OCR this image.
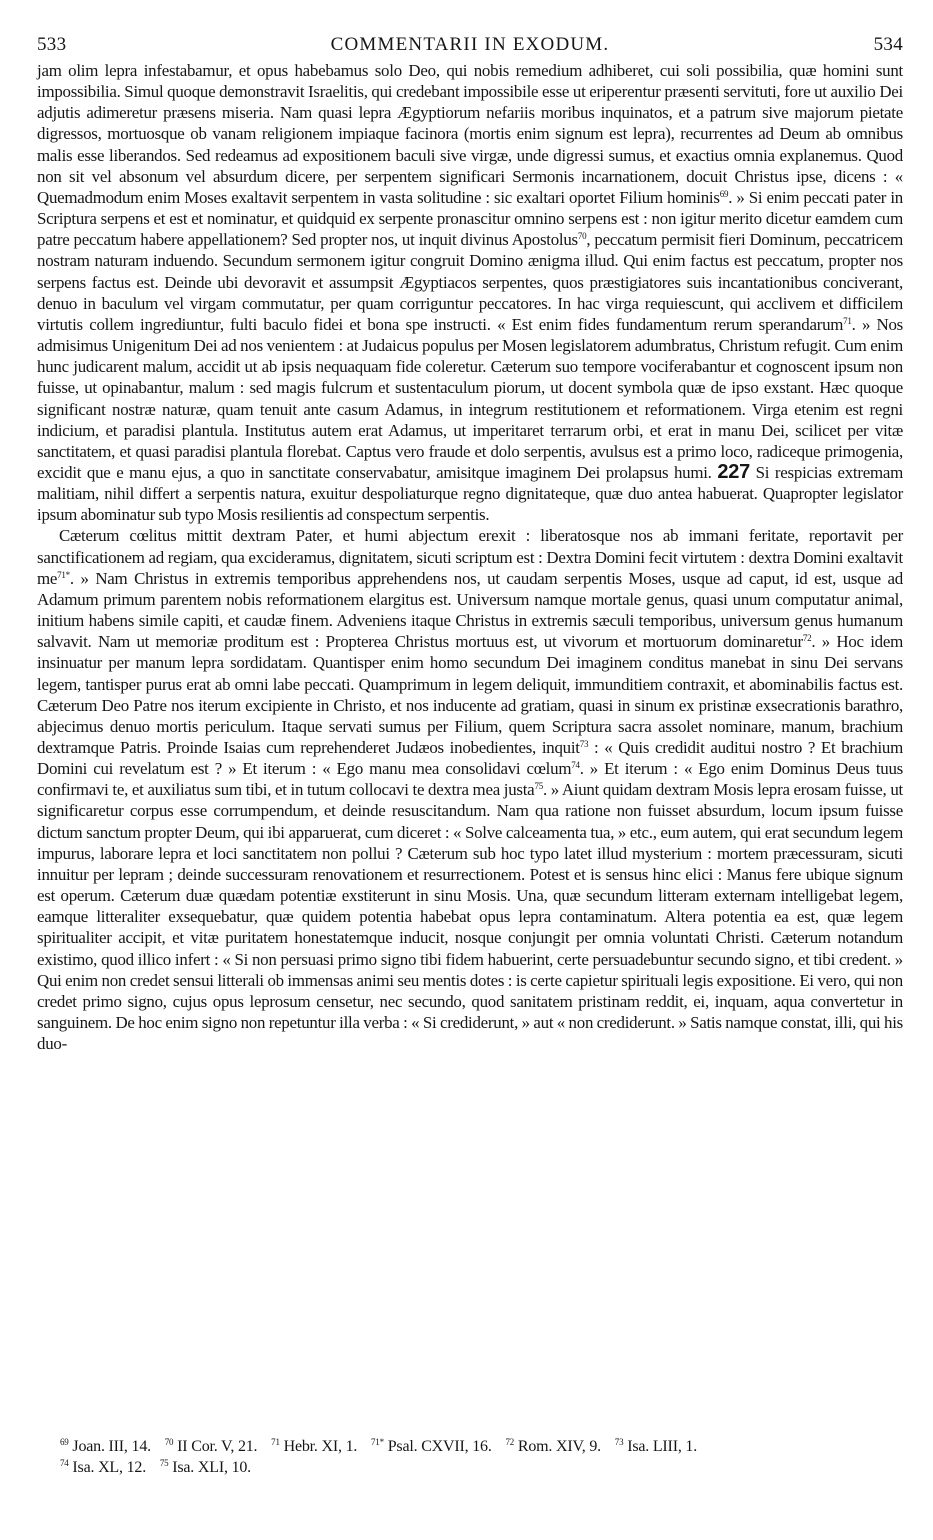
533	COMMENTARII IN EXODUM.	534

jam olim lepra infestabamur, et opus habebamus solo Deo, qui nobis remedium adhiberet, cui soli possibilia, quæ homini sunt impossibilia. Simul quoque demonstravit Israelitis, qui credebant impossibile esse ut eriperentur præsenti servituti, fore ut auxilio Dei adjutis adimeretur præsens miseria. Nam quasi lepra Ægyptiorum nefariis moribus inquinatos, et a patrum sive majorum pietate digressos, mortuosque ob vanam religionem impiaque facinora (mortis enim signum est lepra), recurrentes ad Deum ab omnibus malis esse liberandos. Sed redeamus ad expositionem baculi sive virgæ, unde digressi sumus, et exactius omnia explanemus. Quod non sit vel absonum vel absurdum dicere, per serpentem significari Sermonis incarnationem, docuit Christus ipse, dicens : « Quemadmodum enim Moses exaltavit serpentem in vasta solitudine : sic exaltari oportet Filium hominis$^{69}$. » Si enim peccati pater in Scriptura serpens et est et nominatur, et quidquid ex serpente pronascitur omnino serpens est : non igitur merito dicetur eamdem cum patre peccatum habere appellationem? Sed propter nos, ut inquit divinus Apostolus$^{70}$, peccatum permisit fieri Dominum, peccatricem nostram naturam induendo. Secundum sermonem igitur congruit Domino ænigma illud. Qui enim factus est peccatum, propter nos serpens factus est. Deinde ubi devoravit et assumpsit Ægyptiacos serpentes, quos præstigiatores suis incantationibus conciverant, denuo in baculum vel virgam commutatur, per quam corriguntur peccatores. In hac virga requiescunt, qui acclivem et difficilem virtutis collem ingrediuntur, fulti baculo fidei et bona spe instructi. « Est enim fides fundamentum rerum sperandarum$^{71}$. » Nos admisimus Unigenitum Dei ad nos venientem : at Judaicus populus per Mosen legislatorem adumbratus, Christum refugit. Cum enim hunc judicarent malum, accidit ut ab ipsis nequaquam fide coleretur. Cæterum suo tempore vociferabantur et cognoscent ipsum non fuisse, ut opinabantur, malum : sed magis fulcrum et sustentaculum piorum, ut docent symbola quæ de ipso exstant. Hæc quoque significant nostræ naturæ, quam tenuit ante casum Adamus, in integrum restitutionem et reformationem. Virga etenim est regni indicium, et paradisi plantula. Institutus autem erat Adamus, ut imperitaret terrarum orbi, et erat in manu Dei, scilicet per vitæ sanctitatem, et quasi paradisi plantula florebat. Captus vero fraude et dolo serpentis, avulsus est a primo loco, radiceque primogenia, excidit que e manu ejus, a quo in sanctitate conservabatur, amisitque imaginem Dei prolapsus humi. 227 Si respicias extremam malitiam, nihil differt a serpentis natura, exuitur despoliaturque regno dignitateque, quæ duo antea habuerat. Quapropter legislator ipsum abominatur sub typo Mosis resilientis ad conspectum serpentis.

Cæterum cœlitus mittit dextram Pater, et humi abjectum erexit : liberatosque nos ab immani feritate, reportavit per sanctificationem ad regiam, qua excideramus, dignitatem, sicuti scriptum est : Dextra Domini fecit virtutem : dextra Domini exaltavit $me^{71*}$. » Nam Christus in extremis temporibus apprehendens nos, ut caudam serpentis Moses, usque ad caput, id est, usque ad Adamum primum parentem nobis reformationem elargitus est. Universum namque mortale genus, quasi unum computatur animal, initium habens simile capiti, et caudæ finem. Adveniens itaque Christus in extremis sæculi temporibus, universum genus humanum salvavit. Nam ut memoriæ proditum est : Propterea Christus mortuus est, ut vivorum et mortuorum dominaretur$^{72}$. » Hoc idem insinuatur per manum lepra sordidatam. Quantisper enim homo secundum Dei imaginem conditus manebat in sinu Dei servans legem, tantisper purus erat ab omni labe peccati. Quamprimum in legem deliquit, immunditiem contraxit, et abominabilis factus est. Cæterum Deo Patre nos iterum excipiente in Christo, et nos inducente ad gratiam, quasi in sinum ex pristinæ exsecrationis barathro, abjecimus denuo mortis periculum. Itaque servati sumus per Filium, quem Scriptura sacra assolet nominare, manum, brachium dextramque Patris. Proinde Isaias cum reprehenderet Judæos inobedientes, inquit$^{73}$ : « Quis credidit auditui nostro ? Et brachium Domini cui revelatum est ? » Et iterum : « Ego manu mea consolidavi cœlum$^{74}$. » Et iterum : « Ego enim Dominus Deus tuus confirmavi te, et auxiliatus sum tibi, et in tutum collocavi te dextra mea justa$^{75}$. » Aiunt quidam dextram Mosis lepra erosam fuisse, ut significaretur corpus esse corrumpendum, et deinde resuscitandum. Nam qua ratione non fuisset absurdum, locum ipsum fuisse dictum sanctum propter Deum, qui ibi apparuerat, cum diceret : « Solve calceamenta tua, » etc., eum autem, qui erat secundum legem impurus, laborare lepra et loci sanctitatem non pollui ? Cæterum sub hoc typo latet illud mysterium : mortem præcessuram, sicuti innuitur per lepram ; deinde successuram renovationem et resurrectionem. Potest et is sensus hinc elici : Manus fere ubique signum est operum. Cæterum duæ quædam potentiæ exstiterunt in sinu Mosis. Una, quæ secundum litteram externam intelligebat legem, eamque litteraliter exsequebatur, quæ quidem potentia habebat opus lepra contaminatum. Altera potentia ea est, quæ legem spiritualiter accipit, et vitæ puritatem honestatemque inducit, nosque conjungit per omnia voluntati Christi. Cæterum notandum existimo, quod illico infert : « Si non persuasi primo signo tibi fidem habuerint, certe persuadebuntur secundo signo, et tibi credent. » Qui enim non credet sensui litterali ob immensas animi seu mentis dotes : is certe capietur spirituali legis expositione. Ei vero, qui non credet primo signo, cujus opus leprosum censetur, nec secundo, quod sanitatem pristinam reddit, ei, inquam, aqua convertetur in sanguinem. De hoc enim signo non repetuntur illa verba : « Si crediderunt, » aut « non crediderunt. » Satis namque constat, illi, qui his duo-

$^{69}$ Joan. III, 14. $^{70}$ II Cor. V, 21. $^{71}$ Hebr. XI, 1. $^{71*}$ Psal. CXVII, 16. $^{72}$ Rom. XIV, 9. $^{73}$ Isa. LIII, 1.
$^{74}$ Isa. XL, 12. $^{75}$ Isa. XLI, 10.
